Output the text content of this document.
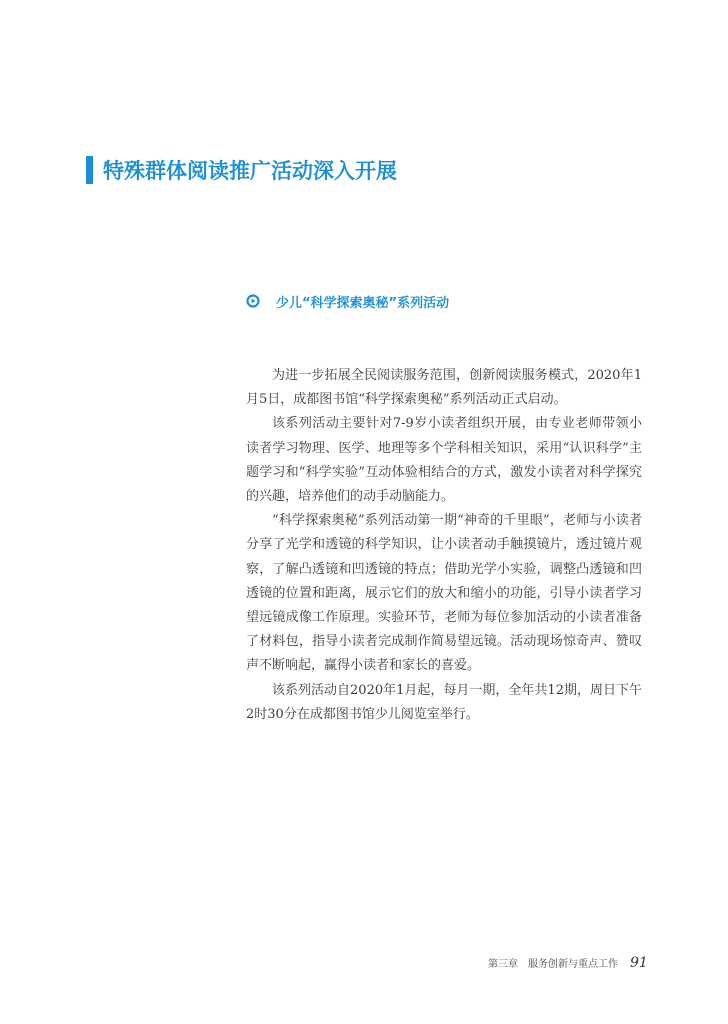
特殊群体阅读推广活动深入开展
少儿“科学探索奥秘”系列活动

为进一步拓展全民阅读服务范围，创新阅读服务模式，2020年1月5日，成都图书馆“科学探索奥秘”系列活动正式启动。

该系列活动主要针对7-9岁小读者组织开展，由专业老师带领小读者学习物理、医学、地理等多个学科相关知识，采用“认识科学”主题学习和“科学实验”互动体验相结合的方式，激发小读者对科学探究的兴趣，培养他们的动手动脑能力。

“科学探索奥秘”系列活动第一期“神奇的千里眼”，老师与小读者分享了光学和透镜的科学知识，让小读者动手触摸镜片，透过镜片观察，了解凸透镜和凹透镜的特点；借助光学小实验，调整凸透镜和凹透镜的位置和距离，展示它们的放大和缩小的功能，引导小读者学习望远镜成像工作原理。实验环节，老师为每位参加活动的小读者准备了材料包，指导小读者完成制作简易望远镜。活动现场惊奇声、赞叹声不断响起，赢得小读者和家长的喜爱。

该系列活动自2020年1月起，每月一期，全年共12期，周日下午2时30分在成都图书馆少儿阅览室举行。

第三章 服务创新与重点工作 91
